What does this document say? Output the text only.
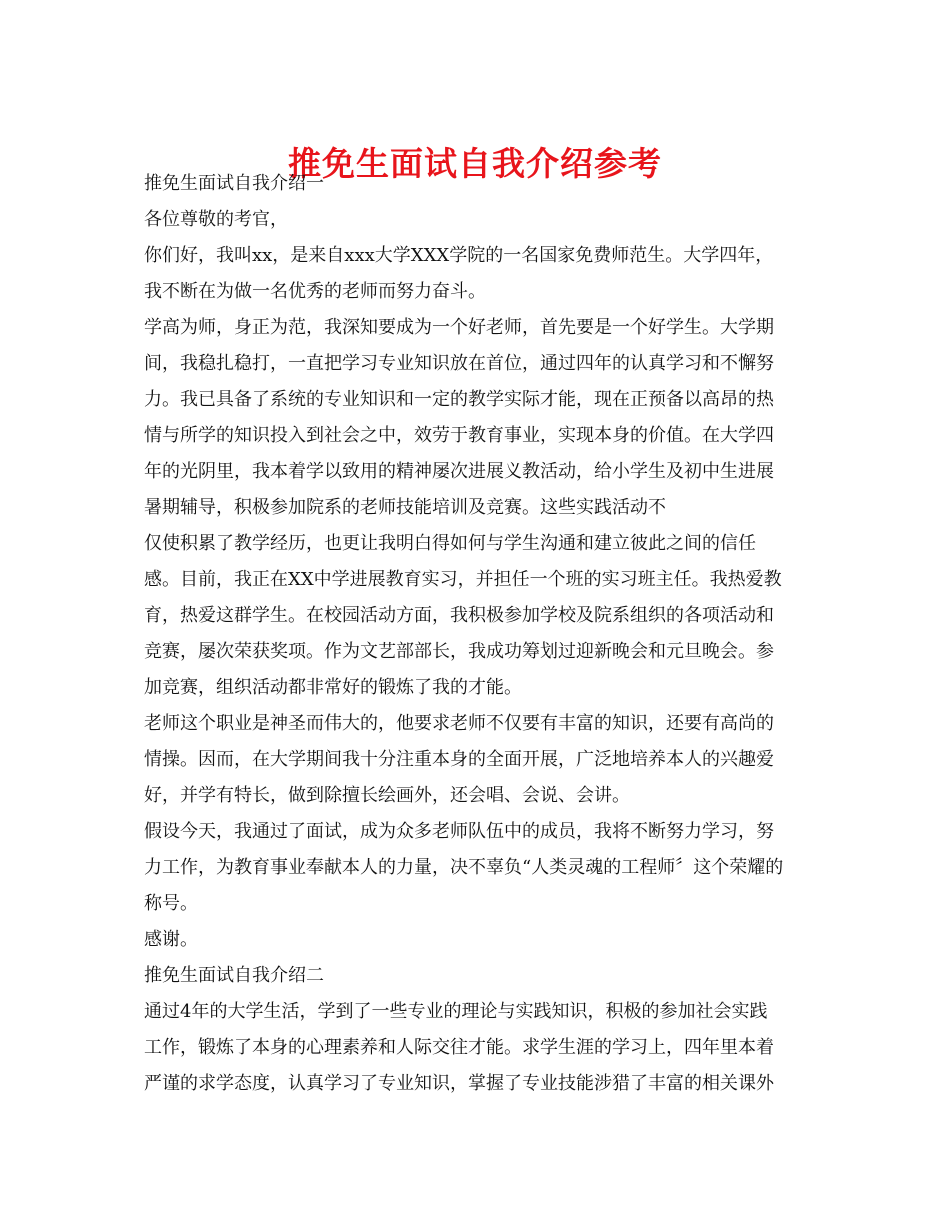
推免生面试自我介绍参考
推免生面试自我介绍一
各位尊敬的考官，
你们好，我叫xx，是来自xxx大学XXX学院的一名国家免费师范生。大学四年，
我不断在为做一名优秀的老师而努力奋斗。
学高为师，身正为范，我深知要成为一个好老师，首先要是一个好学生。大学期
间，我稳扎稳打，一直把学习专业知识放在首位，通过四年的认真学习和不懈努
力。我已具备了系统的专业知识和一定的教学实际才能，现在正预备以高昂的热
情与所学的知识投入到社会之中，效劳于教育事业，实现本身的价值。在大学四
年的光阴里，我本着学以致用的精神屡次进展义教活动，给小学生及初中生进展
暑期辅导，积极参加院系的老师技能培训及竞赛。这些实践活动不
仅使积累了教学经历，也更让我明白得如何与学生沟通和建立彼此之间的信任
感。目前，我正在XX中学进展教育实习，并担任一个班的实习班主任。我热爱教
育，热爱这群学生。在校园活动方面，我积极参加学校及院系组织的各项活动和
竞赛，屡次荣获奖项。作为文艺部部长，我成功筹划过迎新晚会和元旦晚会。参
加竞赛，组织活动都非常好的锻炼了我的才能。
老师这个职业是神圣而伟大的，他要求老师不仅要有丰富的知识，还要有高尚的
情操。因而，在大学期间我十分注重本身的全面开展，广泛地培养本人的兴趣爱
好，并学有特长，做到除擅长绘画外，还会唱、会说、会讲。
假设今天，我通过了面试，成为众多老师队伍中的成员，我将不断努力学习，努
力工作，为教育事业奉献本人的力量，决不辜负“人类灵魂的工程师〞这个荣耀的
称号。
感谢。
推免生面试自我介绍二
通过4年的大学生活，学到了一些专业的理论与实践知识，积极的参加社会实践
工作，锻炼了本身的心理素养和人际交往才能。求学生涯的学习上，四年里本着
严谨的求学态度，认真学习了专业知识，掌握了专业技能涉猎了丰富的相关课外
